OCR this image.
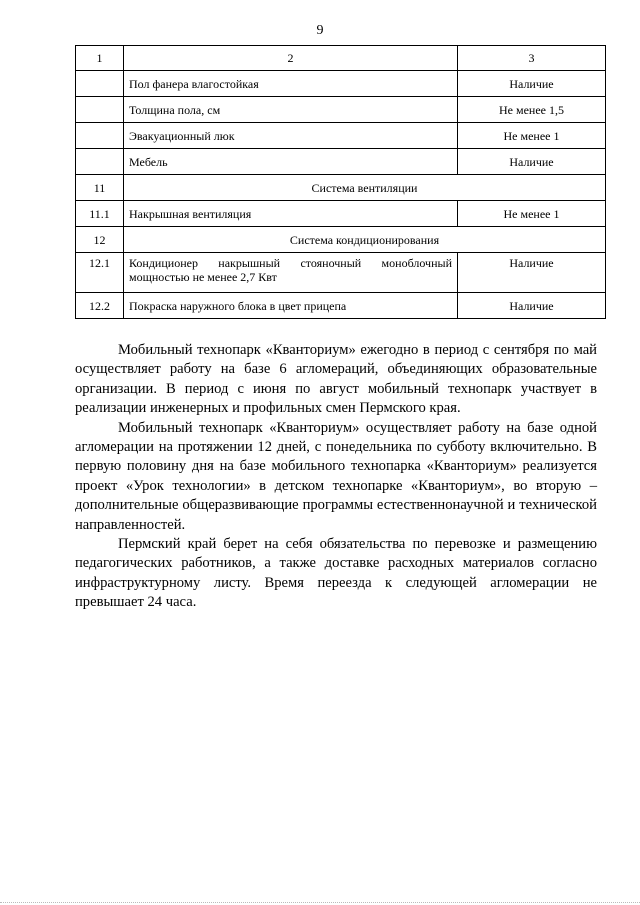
9
1	2	3
	Пол фанера влагостойкая	Наличие
	Толщина пола, см	Не менее 1,5
	Эвакуационный люк	Не менее 1
	Мебель	Наличие
11	Система вентиляции	
11.1	Накрышная вентиляция	Не менее 1
12	Система кондиционирования	
12.1	Кондиционер накрышный стояночный моноблочный мощностью не менее 2,7 Квт	Наличие
12.2	Покраска наружного блока в цвет прицепа	Наличие

Мобильный технопарк «Кванториум» ежегодно в период с сентября по май осуществляет работу на базе 6 агломераций, объединяющих образовательные организации. В период с июня по август мобильный технопарк участвует в реализации инженерных и профильных смен Пермского края.

Мобильный технопарк «Кванториум» осуществляет работу на базе одной агломерации на протяжении 12 дней, с понедельника по субботу включительно. В первую половину дня на базе мобильного технопарка «Кванториум» реализуется проект «Урок технологии» в детском технопарке «Кванториум», во вторую – дополнительные общеразвивающие программы естественнонаучной и технической направленностей.

Пермский край берет на себя обязательства по перевозке и размещению педагогических работников, а также доставке расходных материалов согласно инфраструктурному листу. Время переезда к следующей агломерации не превышает 24 часа.
